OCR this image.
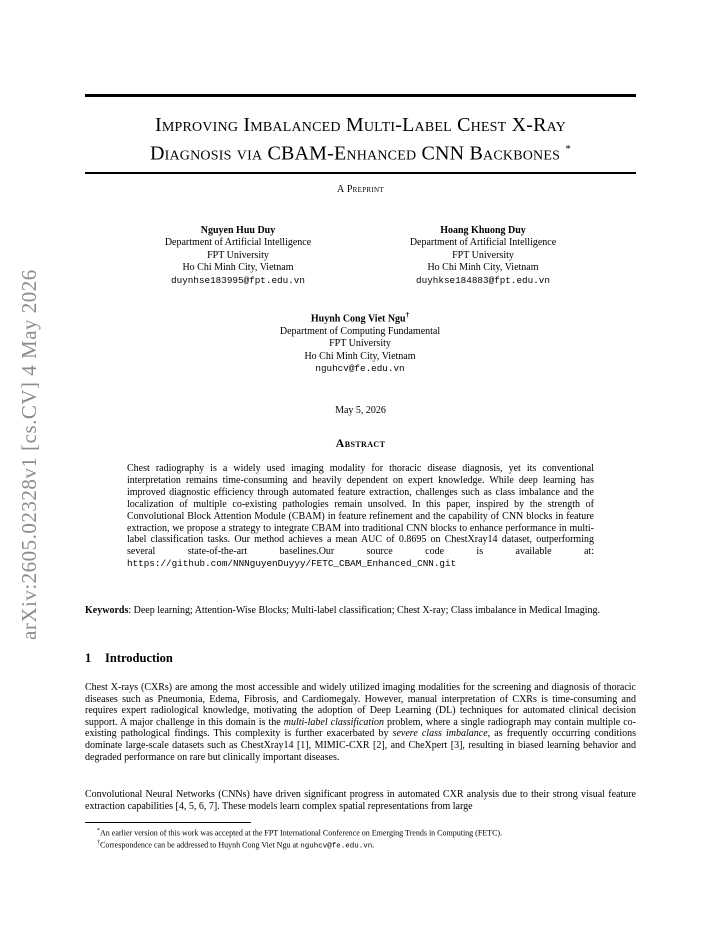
arXiv:2605.02328v1 [cs.CV] 4 May 2026
Improving Imbalanced Multi-Label Chest X-Ray
Diagnosis via CBAM-Enhanced CNN Backbones *
A Preprint
Nguyen Huu Duy
Department of Artificial Intelligence
FPT University
Ho Chi Minh City, Vietnam
duynhse183995@fpt.edu.vn
Hoang Khuong Duy
Department of Artificial Intelligence
FPT University
Ho Chi Minh City, Vietnam
duyhkse184883@fpt.edu.vn
Huynh Cong Viet Ngu†
Department of Computing Fundamental
FPT University
Ho Chi Minh City, Vietnam
nguhcv@fe.edu.vn
May 5, 2026
Abstract
Chest radiography is a widely used imaging modality for thoracic disease diagnosis, yet its conventional interpretation remains time-consuming and heavily dependent on expert knowledge. While deep learning has improved diagnostic efficiency through automated feature extraction, challenges such as class imbalance and the localization of multiple co-existing pathologies remain unsolved. In this paper, inspired by the strength of Convolutional Block Attention Module (CBAM) in feature refinement and the capability of CNN blocks in feature extraction, we propose a strategy to integrate CBAM into traditional CNN blocks to enhance performance in multi-label classification tasks. Our method achieves a mean AUC of 0.8695 on ChestXray14 dataset, outperforming several state-of-the-art baselines.Our source code is available at: https://github.com/NNNguyenDuyyy/FETC_CBAM_Enhanced_CNN.git
Keywords: Deep learning; Attention-Wise Blocks; Multi-label classification; Chest X-ray; Class imbalance in Medical Imaging.
1 Introduction
Chest X-rays (CXRs) are among the most accessible and widely utilized imaging modalities for the screening and diagnosis of thoracic diseases such as Pneumonia, Edema, Fibrosis, and Cardiomegaly. However, manual interpretation of CXRs is time-consuming and requires expert radiological knowledge, motivating the adoption of Deep Learning (DL) techniques for automated clinical decision support. A major challenge in this domain is the multi-label classification problem, where a single radiograph may contain multiple co-existing pathological findings. This complexity is further exacerbated by severe class imbalance, as frequently occurring conditions dominate large-scale datasets such as ChestXray14 [1], MIMIC-CXR [2], and CheXpert [3], resulting in biased learning behavior and degraded performance on rare but clinically important diseases.
Convolutional Neural Networks (CNNs) have driven significant progress in automated CXR analysis due to their strong visual feature extraction capabilities [4, 5, 6, 7]. These models learn complex spatial representations from large
*An earlier version of this work was accepted at the FPT International Conference on Emerging Trends in Computing (FETC).
†Correspondence can be addressed to Huynh Cong Viet Ngu at nguhcv@fe.edu.vn.
